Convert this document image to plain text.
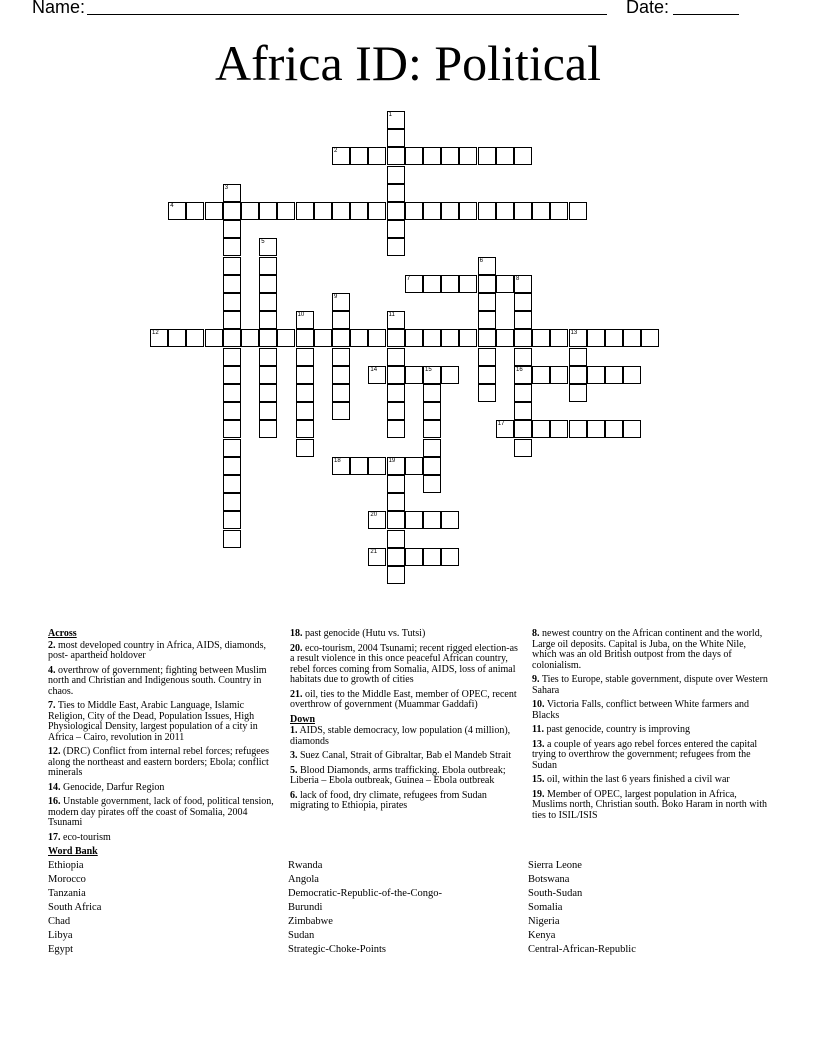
Name:	Date:
Africa ID: Political
1
2
3
4
5
6
7	8
16
9
10	11
12	13
14	15
17
18	19
20
21
Across
2. most developed country in Africa, AIDS, diamonds, post- apartheid holdover
4. overthrow of government; fighting between Muslim north and Christian and Indigenous south. Country in chaos.
7. Ties to Middle East, Arabic Language, Islamic Religion, City of the Dead, Population Issues, High Physiological Density, largest population of a city in Africa – Cairo, revolution in 2011
12. (DRC) Conflict from internal rebel forces; refugees along the northeast and eastern borders; Ebola; conflict minerals
14. Genocide, Darfur Region
16. Unstable government, lack of food, political tension, modern day pirates off the coast of Somalia, 2004 Tsunami
17. eco-tourism
18. past genocide (Hutu vs. Tutsi)
20. eco-tourism, 2004 Tsunami; recent rigged election-as a result violence in this once peaceful African country, rebel forces coming from Somalia, AIDS, loss of animal habitats due to growth of cities
21. oil, ties to the Middle East, member of OPEC, recent overthrow of government (Muammar Gaddafi)
Down
1. AIDS, stable democracy, low population (4 million), diamonds
3. Suez Canal, Strait of Gibraltar, Bab el Mandeb Strait
5. Blood Diamonds, arms trafficking. Ebola outbreak; Liberia – Ebola outbreak, Guinea – Ebola outbreak
6. lack of food, dry climate, refugees from Sudan migrating to Ethiopia, pirates
8. newest country on the African continent and the world, Large oil deposits. Capital is Juba, on the White Nile, which was an old British outpost from the days of colonialism.
9. Ties to Europe, stable government, dispute over Western Sahara
10. Victoria Falls, conflict between White farmers and Blacks
11. past genocide, country is improving
13. a couple of years ago rebel forces entered the capital trying to overthrow the government; refugees from the Sudan
15. oil, within the last 6 years finished a civil war
19. Member of OPEC, largest population in Africa, Muslims north, Christian south. Boko Haram in north with ties to ISIL/ISIS
Word Bank
Ethiopia
Morocco
Tanzania
South Africa
Chad
Libya
Egypt
Rwanda
Angola
Democratic-Republic-of-the-Congo-
Burundi
Zimbabwe
Sudan
Strategic-Choke-Points
Sierra Leone
Botswana
South-Sudan
Somalia
Nigeria
Kenya
Central-African-Republic
